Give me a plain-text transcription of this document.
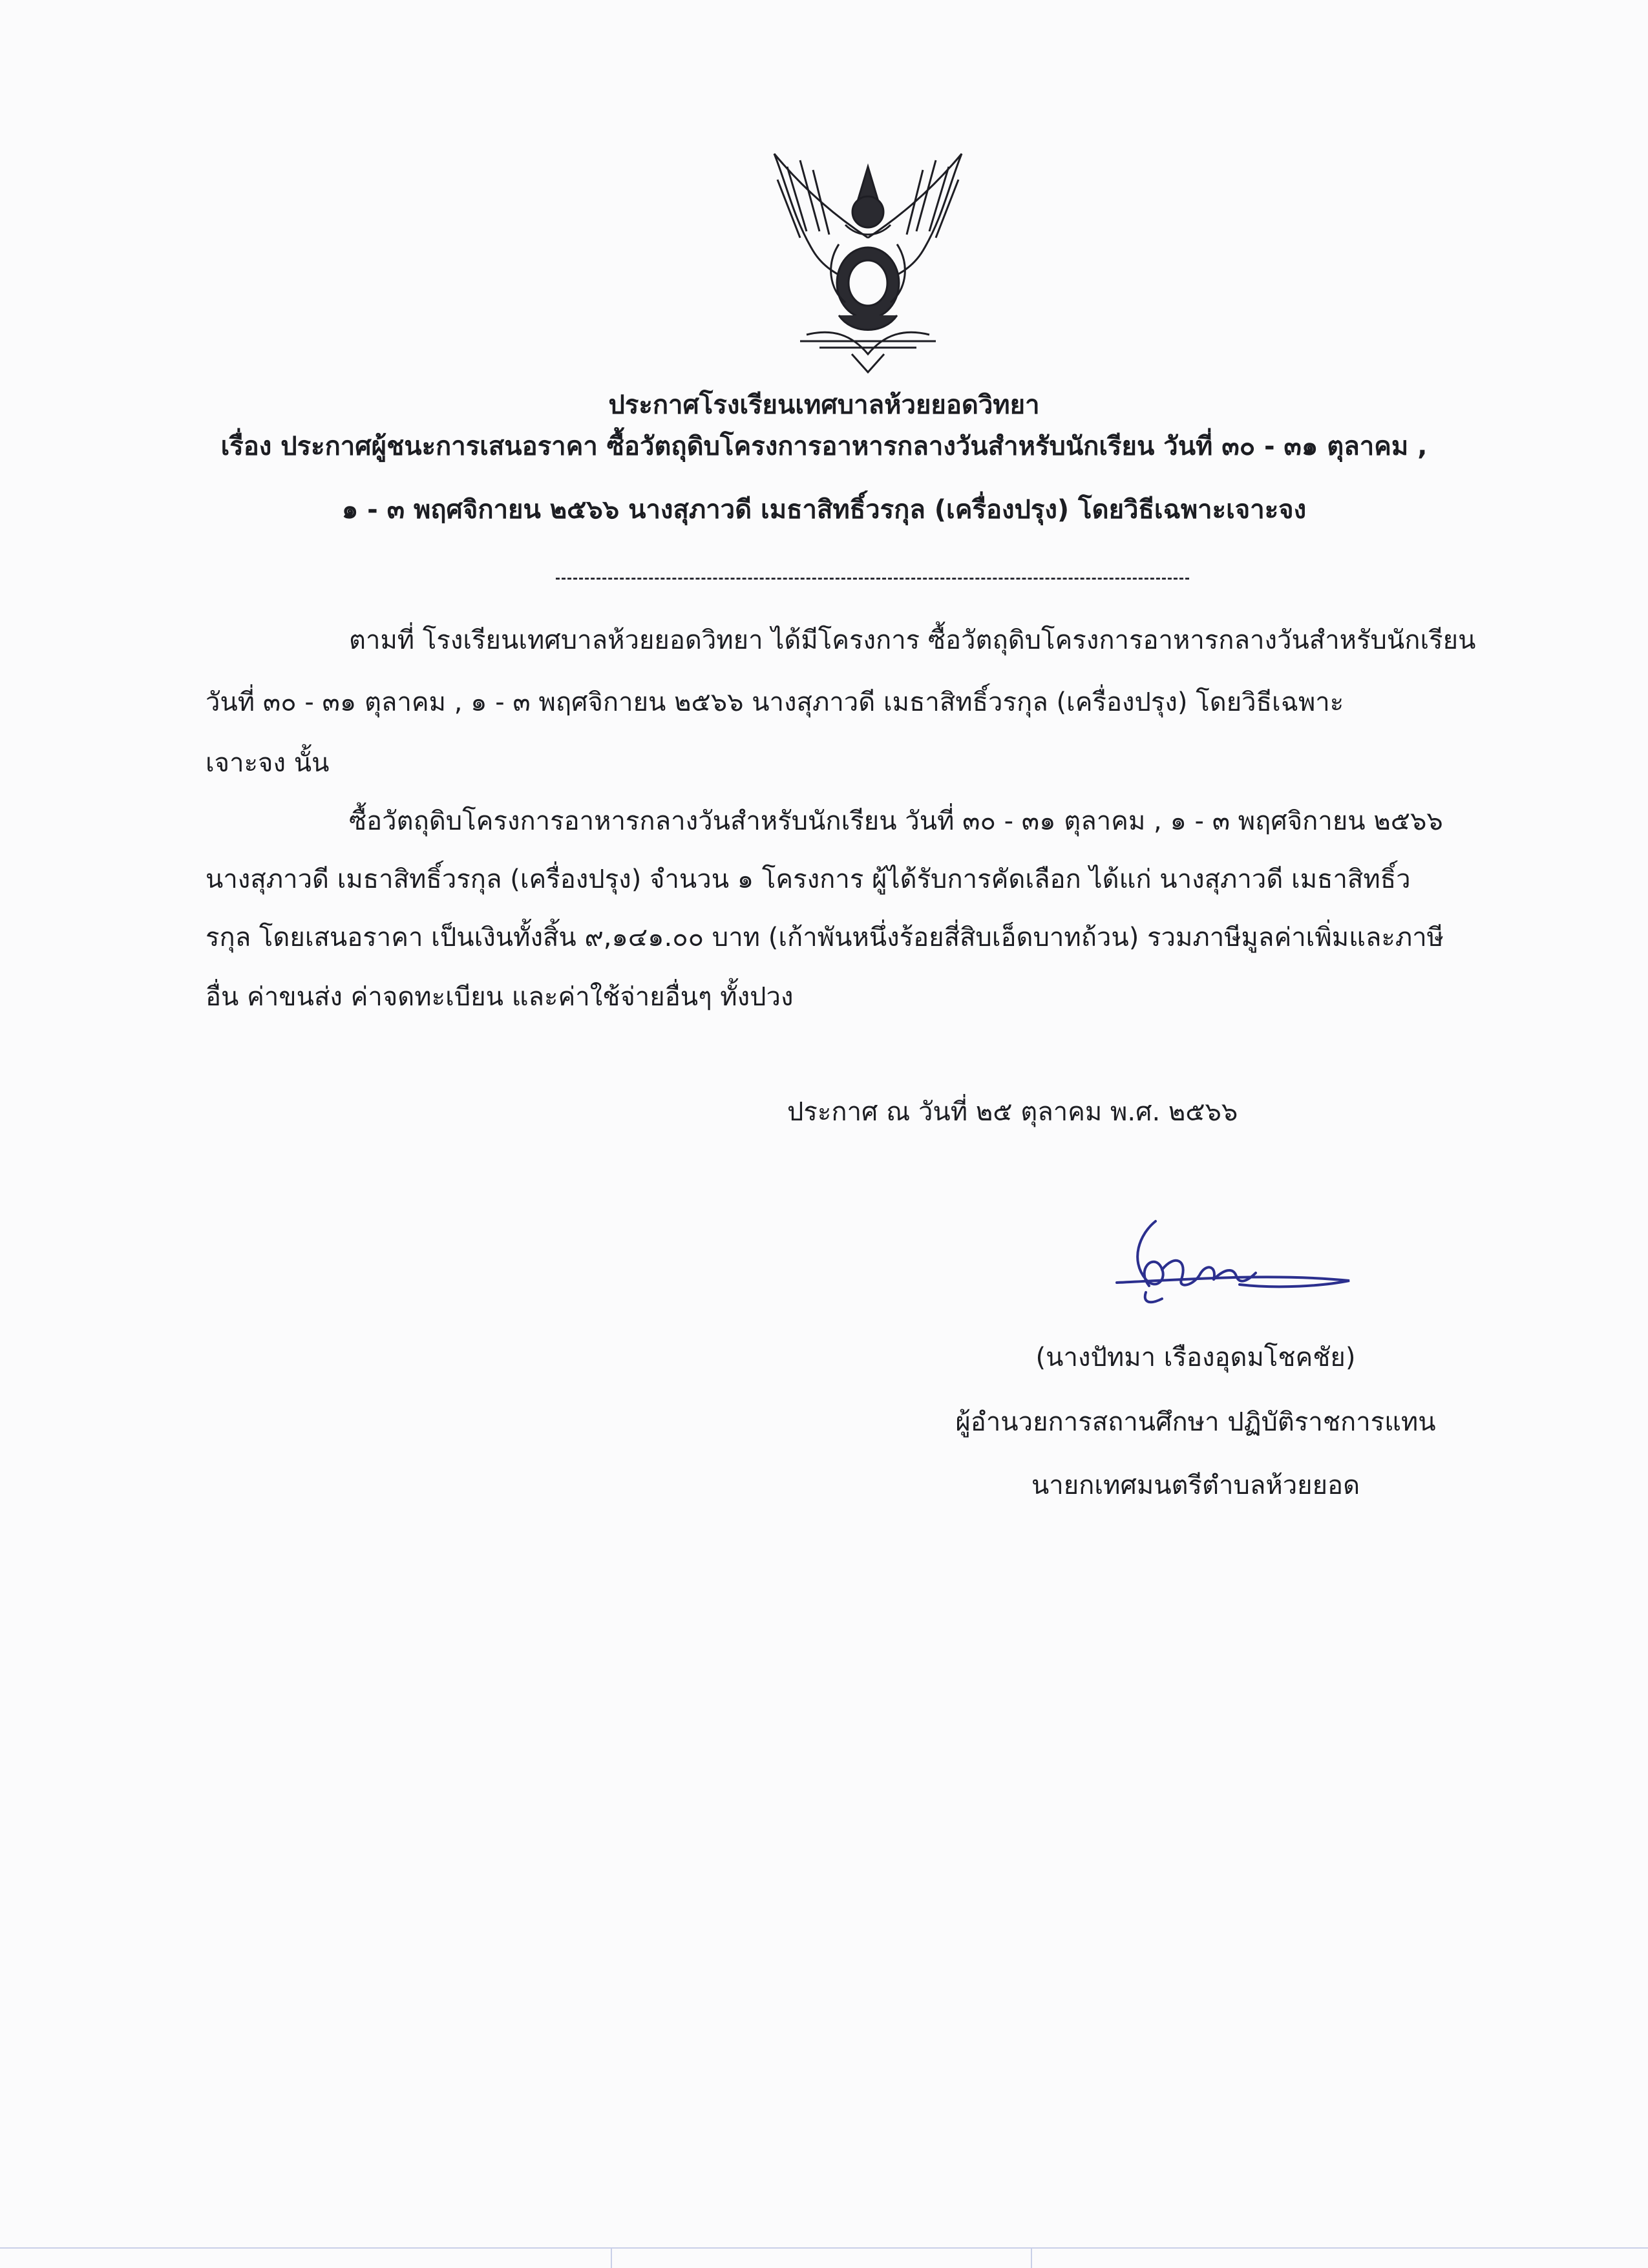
ประกาศโรงเรียนเทศบาลห้วยยอดวิทยา
เรื่อง ประกาศผู้ชนะการเสนอราคา ซื้อวัตถุดิบโครงการอาหารกลางวันสำหรับนักเรียน วันที่ ๓๐ - ๓๑ ตุลาคม ,
๑ - ๓ พฤศจิกายน ๒๕๖๖ นางสุภาวดี เมธาสิทธิ์วรกุล (เครื่องปรุง) โดยวิธีเฉพาะเจาะจง
ตามที่ โรงเรียนเทศบาลห้วยยอดวิทยา ได้มีโครงการ ซื้อวัตถุดิบโครงการอาหารกลางวันสำหรับนักเรียน
วันที่ ๓๐ - ๓๑ ตุลาคม , ๑ - ๓ พฤศจิกายน ๒๕๖๖ นางสุภาวดี เมธาสิทธิ์วรกุล (เครื่องปรุง) โดยวิธีเฉพาะ
เจาะจง นั้น
ซื้อวัตถุดิบโครงการอาหารกลางวันสำหรับนักเรียน วันที่ ๓๐ - ๓๑ ตุลาคม , ๑ - ๓ พฤศจิกายน ๒๕๖๖
นางสุภาวดี เมธาสิทธิ์วรกุล (เครื่องปรุง) จำนวน ๑ โครงการ ผู้ได้รับการคัดเลือก ได้แก่ นางสุภาวดี เมธาสิทธิ์ว
รกุล โดยเสนอราคา เป็นเงินทั้งสิ้น ๙,๑๔๑.๐๐ บาท (เก้าพันหนึ่งร้อยสี่สิบเอ็ดบาทถ้วน) รวมภาษีมูลค่าเพิ่มและภาษี
อื่น ค่าขนส่ง ค่าจดทะเบียน และค่าใช้จ่ายอื่นๆ ทั้งปวง
ประกาศ ณ วันที่ ๒๕ ตุลาคม พ.ศ. ๒๕๖๖
(นางปัทมา เรืองอุดมโชคชัย)
ผู้อำนวยการสถานศึกษา ปฏิบัติราชการแทน
นายกเทศมนตรีตำบลห้วยยอด
